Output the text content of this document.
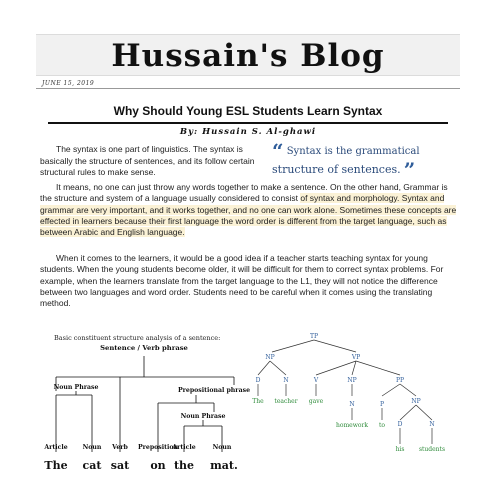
Hussain's Blog
JUNE 15, 2019
Why Should Young ESL Students Learn Syntax
By: Hussain S. Al-ghawi
The syntax is one part of linguistics. The syntax is basically the structure of sentences, and its follow certain structural rules to make sense.
“ Syntax is the grammatical
structure of sentences. ”
It means, no one can just throw any words together to make a sentence. On the other hand, Grammar is the structure and system of a language usually considered to consist of syntax and morphology. Syntax and grammar are very important, and it works together, and no one can work alone. Sometimes these concepts are effected in learners because their first language the word order is different from the target language, such as between Arabic and English language.
When it comes to the learners, it would be a good idea if a teacher starts teaching syntax for young students. When the young students become older, it will be difficult for them to correct syntax problems. For example, when the learners translate from the target language to the L1, they will not notice the difference between two languages and word order. Students need to be careful when it comes using the translating method.
Basic constituent structure analysis of a sentence:
Sentence / Verb phrase
Noun Phrase	Prepositional phrase
Noun Phrase
Article Noun Verb Preposition
Article	Noun
The cat sat on the mat.
TP
NP	VP
D	N	V	NP	PP
N	P	NP
D	N
The teacher gave
homework to
his students
